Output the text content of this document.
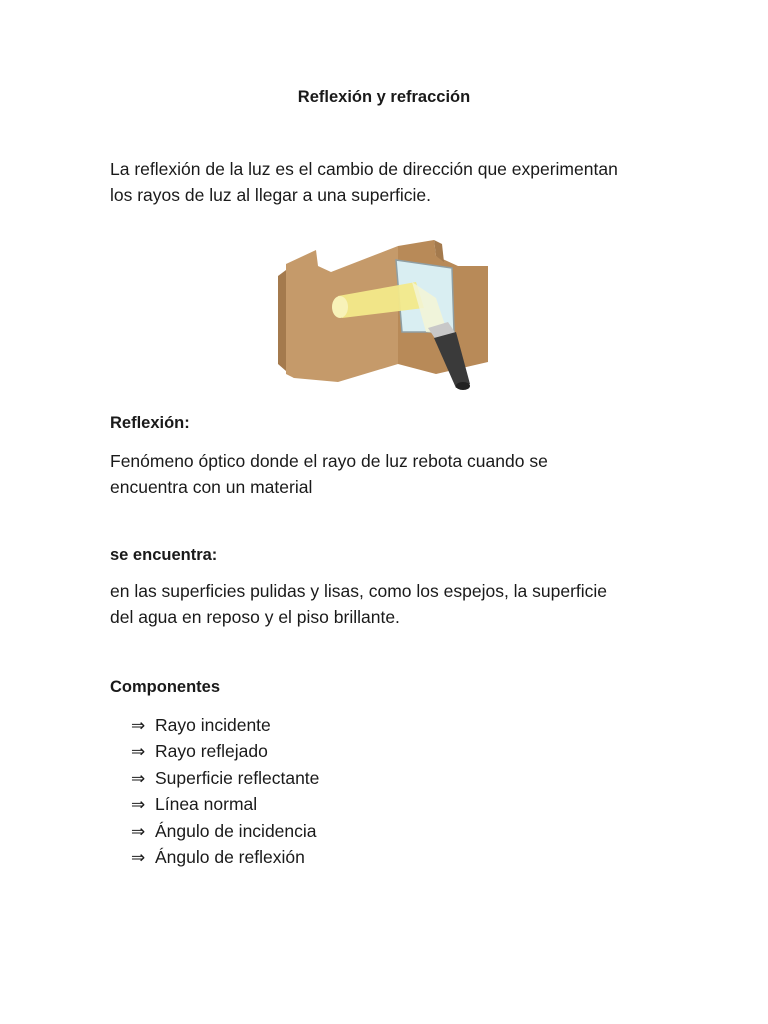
Reflexión y refracción

La reflexión de la luz es el cambio de dirección que experimentan
los rayos de luz al llegar a una superficie.

Reflexión:

Fenómeno óptico donde el rayo de luz rebota cuando se
encuentra con un material

se encuentra:

en las superficies pulidas y lisas, como los espejos, la superficie
del agua en reposo y el piso brillante.

Componentes
⇒ Rayo incidente
⇒ Rayo reflejado
⇒ Superficie reflectante
⇒ Línea normal
⇒ Ángulo de incidencia
⇒ Ángulo de reflexión
